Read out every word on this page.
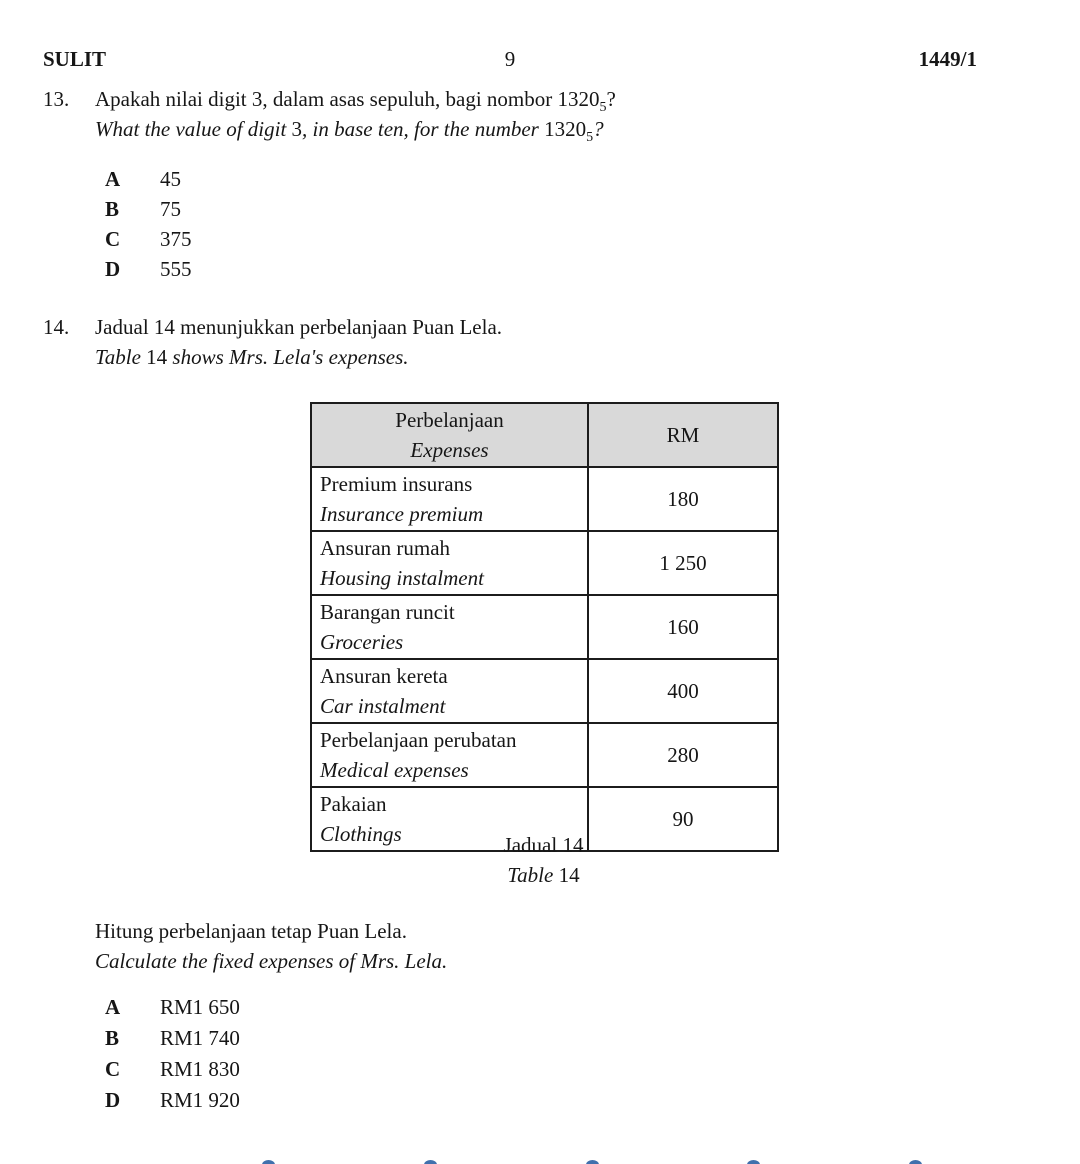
SULIT	9	1449/1
13.	Apakah nilai digit 3, dalam asas sepuluh, bagi nombor $1320_5$?

What the value of digit 3, in base ten, for the number $1320_5$?

A	45
B	75
C	375
D	555
14.	Jadual 14 menunjukkan perbelanjaan Puan Lela.

Table 14 shows Mrs. Lela's expenses.

Perbelanjaan
Expenses	RM

Premium insurans
Insurance premium	180

Ansuran rumah
Housing instalment	1 250

Barangan runcit
Groceries	160

Ansuran kereta
Car instalment	400

Perbelanjaan perubatan
Medical expenses	280

Pakaian
Clothings	90

Jadual 14

Table 14

Hitung perbelanjaan tetap Puan Lela.

Calculate the fixed expenses of Mrs. Lela.

A	RM1 650
B	RM1 740
C	RM1 830
D	RM1 920
